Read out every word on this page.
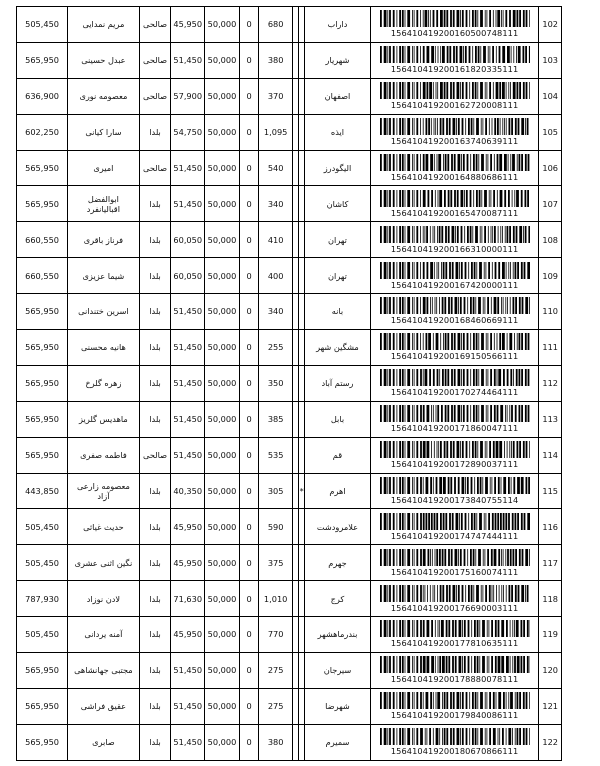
505,450	مریم نمدایی	صالحی	45,950	50,000	0	680			داراب	156410419200160500748111	102
565,950	عبدل حسینی	صالحی	51,450	50,000	0	380			شهریار	156410419200161820335111	103
636,900	معصومه نوری	صالحی	57,900	50,000	0	370			اصفهان	156410419200162720008111	104
602,250	سارا کیانی	بلدا	54,750	50,000	0	1,095			ایذه	156410419200163740639111	105
565,950	امیری	صالحی	51,450	50,000	0	540			الیگودرز	156410419200164880686111	106
565,950	ابوالفضل اقبالیانفرد	بلدا	51,450	50,000	0	340			کاشان	156410419200165470087111	107
660,550	فرناز باقری	بلدا	60,050	50,000	0	410			تهران	156410419200166310000111	108
660,550	شیما عزیزی	بلدا	60,050	50,000	0	400			تهران	156410419200167420000111	109
565,950	اسرین ختندانی	بلدا	51,450	50,000	0	340			بانه	156410419200168460669111	110
565,950	هانیه محسنی	بلدا	51,450	50,000	0	255			مشگین شهر	156410419200169150566111	111
565,950	زهره گلرخ	بلدا	51,450	50,000	0	350			رستم آباد	156410419200170274464111	112
565,950	ماهدیس گلریز	بلدا	51,450	50,000	0	385			بابل	156410419200171860047111	113
565,950	فاطمه صفری	صالحی	51,450	50,000	0	535			قم	156410419200172890037111	114
443,850	معصومه زارعی آزاد	بلدا	40,350	50,000	0	305		*	اهرم	156410419200173840755114	115
505,450	حدیث غیاثی	بلدا	45,950	50,000	0	590			علامرودشت	156410419200174747444111	116
505,450	نگین اثنی عشری	بلدا	45,950	50,000	0	375			جهرم	156410419200175160074111	117
787,930	لادن نوزاد	بلدا	71,630	50,000	0	1,010			کرج	156410419200176690003111	118
505,450	آمنه یردانی	بلدا	45,950	50,000	0	770			بندرماهشهر	156410419200177810635111	119
565,950	مجتبی جهانشاهی	بلدا	51,450	50,000	0	275			سیرجان	156410419200178880078111	120
565,950	عقیق فراشی	بلدا	51,450	50,000	0	275			شهرضا	156410419200179840086111	121
565,950	صابری	بلدا	51,450	50,000	0	380			سمیرم	156410419200180670866111	122
